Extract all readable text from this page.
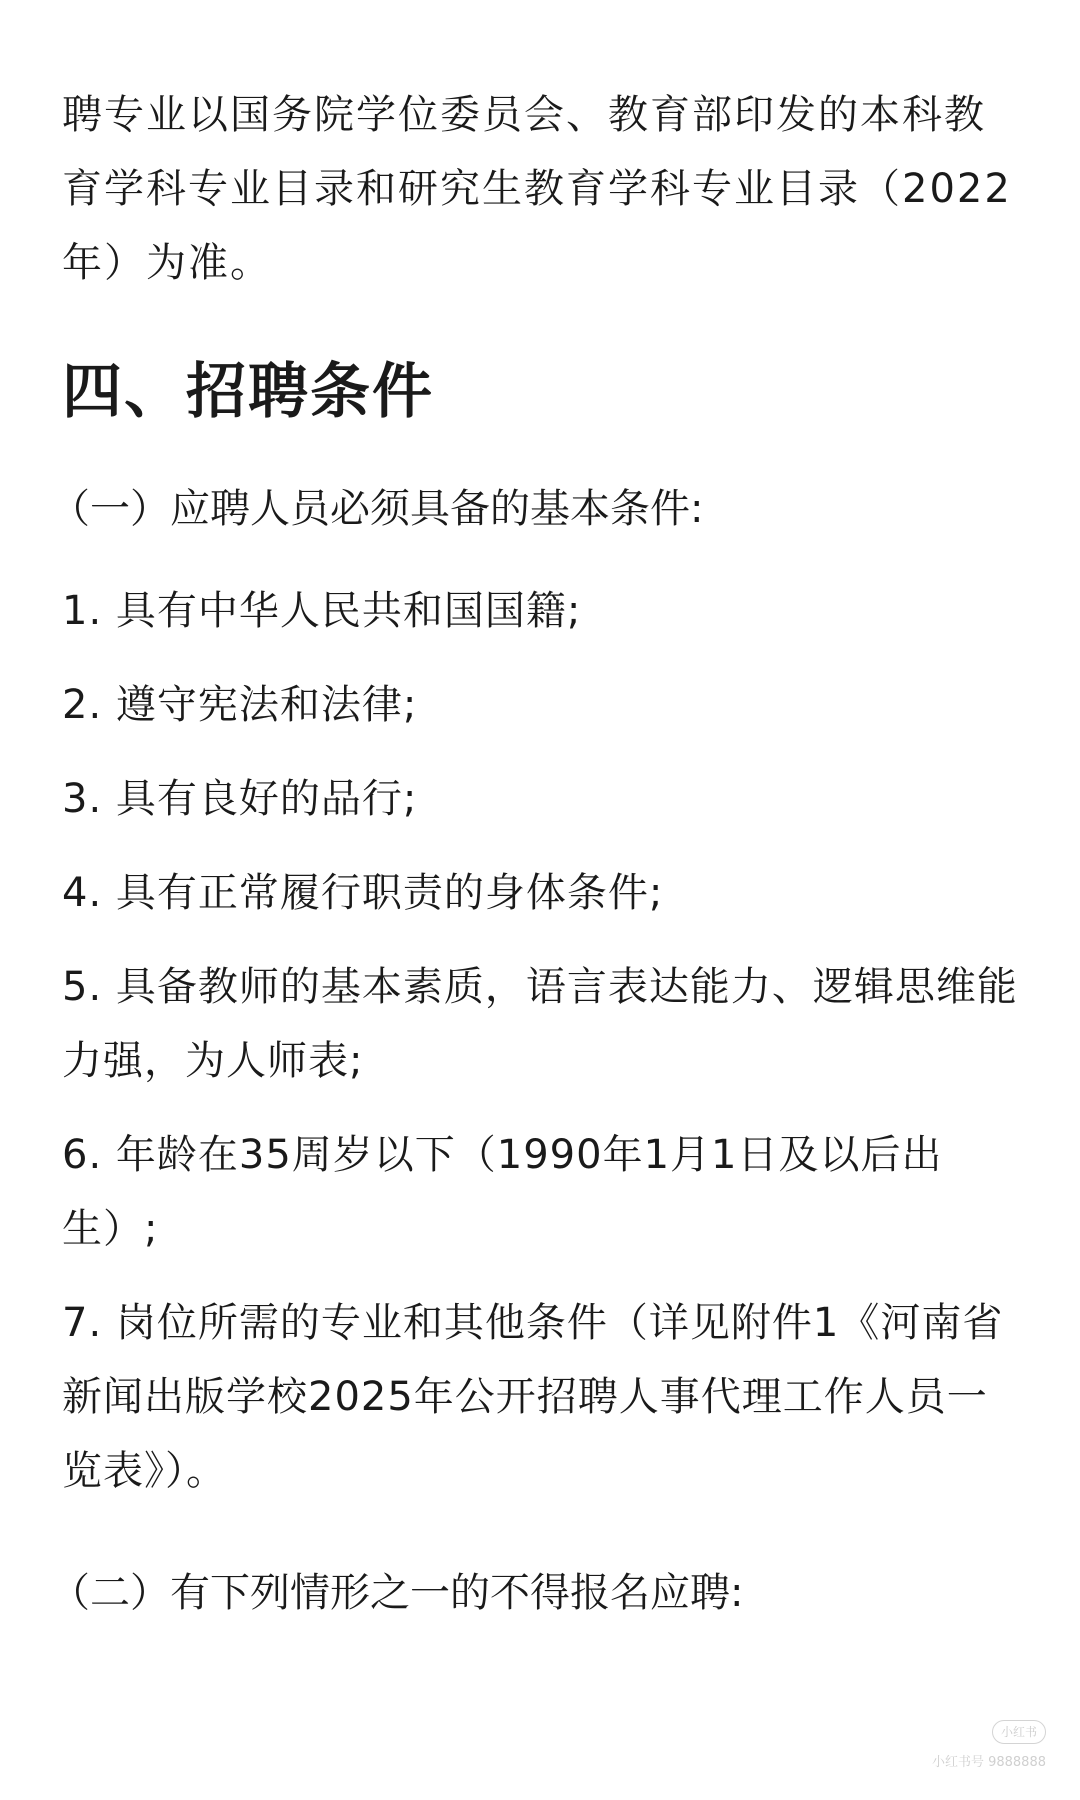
聘专业以国务院学位委员会、教育部印发的本科教育学科专业目录和研究生教育学科专业目录（2022年）为准。

四、招聘条件

（一）应聘人员必须具备的基本条件:

1. 具有中华人民共和国国籍;

2. 遵守宪法和法律;

3. 具有良好的品行;

4. 具有正常履行职责的身体条件;

5. 具备教师的基本素质，语言表达能力、逻辑思维能力强，为人师表;

6. 年龄在35周岁以下（1990年1月1日及以后出生）;

7. 岗位所需的专业和其他条件（详见附件1《河南省新闻出版学校2025年公开招聘人事代理工作人员一览表》）。

（二）有下列情形之一的不得报名应聘:

小红书
小红书号 9888888
